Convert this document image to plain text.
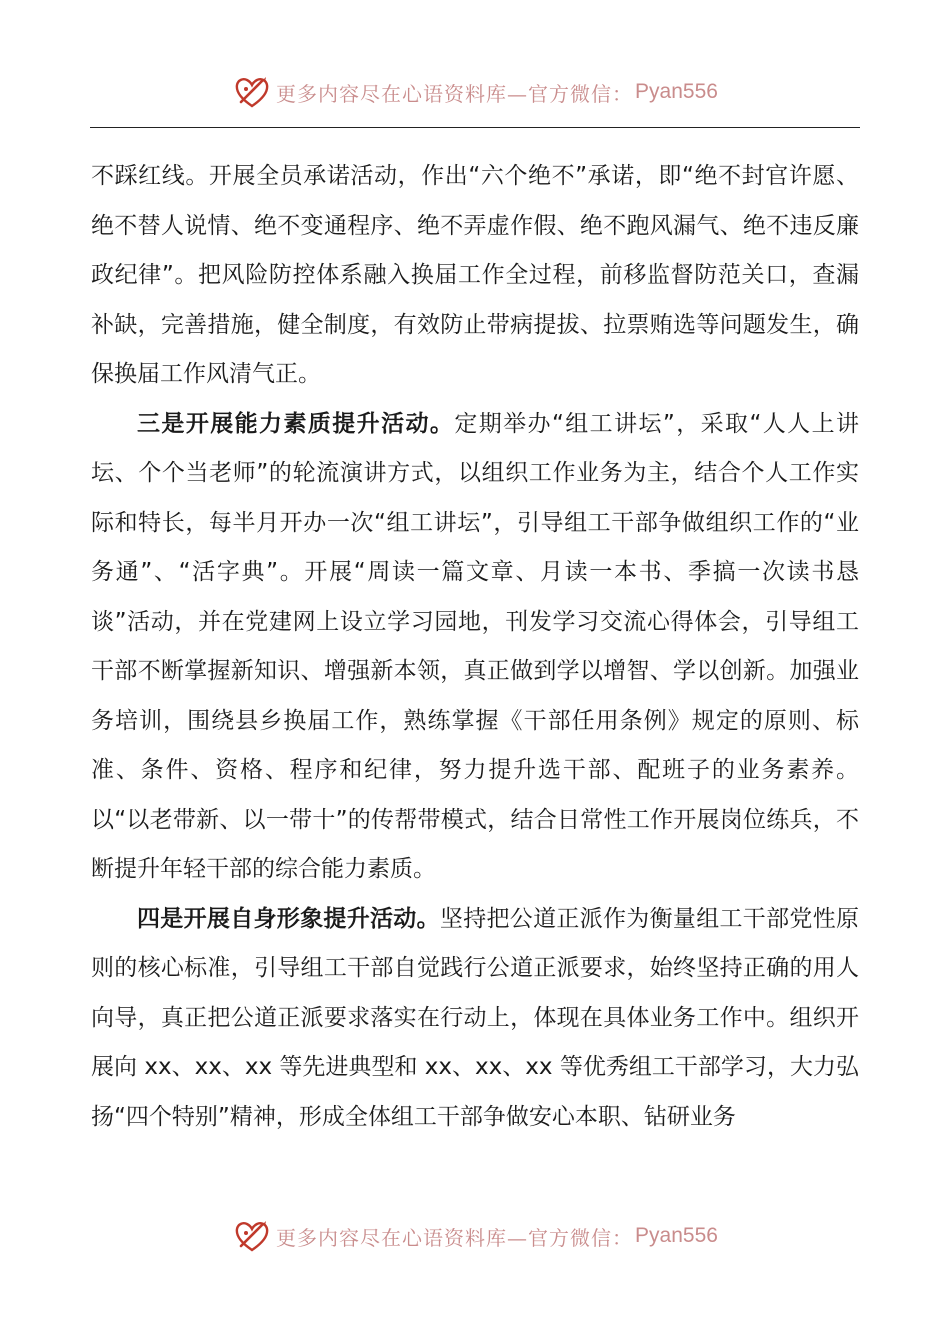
更多内容尽在心语资料库—官方微信： Pyan556

不踩红线。开展全员承诺活动，作出“六个绝不”承诺，即“绝不封官许愿、绝不替人说情、绝不变通程序、绝不弄虚作假、绝不跑风漏气、绝不违反廉政纪律”。把风险防控体系融入换届工作全过程，前移监督防范关口，查漏补缺，完善措施，健全制度，有效防止带病提拔、拉票贿选等问题发生，确保换届工作风清气正。

三是开展能力素质提升活动。定期举办“组工讲坛”，采取“人人上讲坛、个个当老师”的轮流演讲方式，以组织工作业务为主，结合个人工作实际和特长，每半月开办一次“组工讲坛”，引导组工干部争做组织工作的“业务通”、“活字典”。开展“周读一篇文章、月读一本书、季搞一次读书恳谈”活动，并在党建网上设立学习园地，刊发学习交流心得体会，引导组工干部不断掌握新知识、增强新本领，真正做到学以增智、学以创新。加强业务培训，围绕县乡换届工作，熟练掌握《干部任用条例》规定的原则、标准、条件、资格、程序和纪律，努力提升选干部、配班子的业务素养。以“以老带新、以一带十”的传帮带模式，结合日常性工作开展岗位练兵，不断提升年轻干部的综合能力素质。

四是开展自身形象提升活动。坚持把公道正派作为衡量组工干部党性原则的核心标准，引导组工干部自觉践行公道正派要求，始终坚持正确的用人向导，真正把公道正派要求落实在行动上，体现在具体业务工作中。组织开展向 xx、xx、xx 等先进典型和 xx、xx、xx 等优秀组工干部学习，大力弘扬“四个特别”精神，形成全体组工干部争做安心本职、钻研业务

更多内容尽在心语资料库—官方微信： Pyan556
